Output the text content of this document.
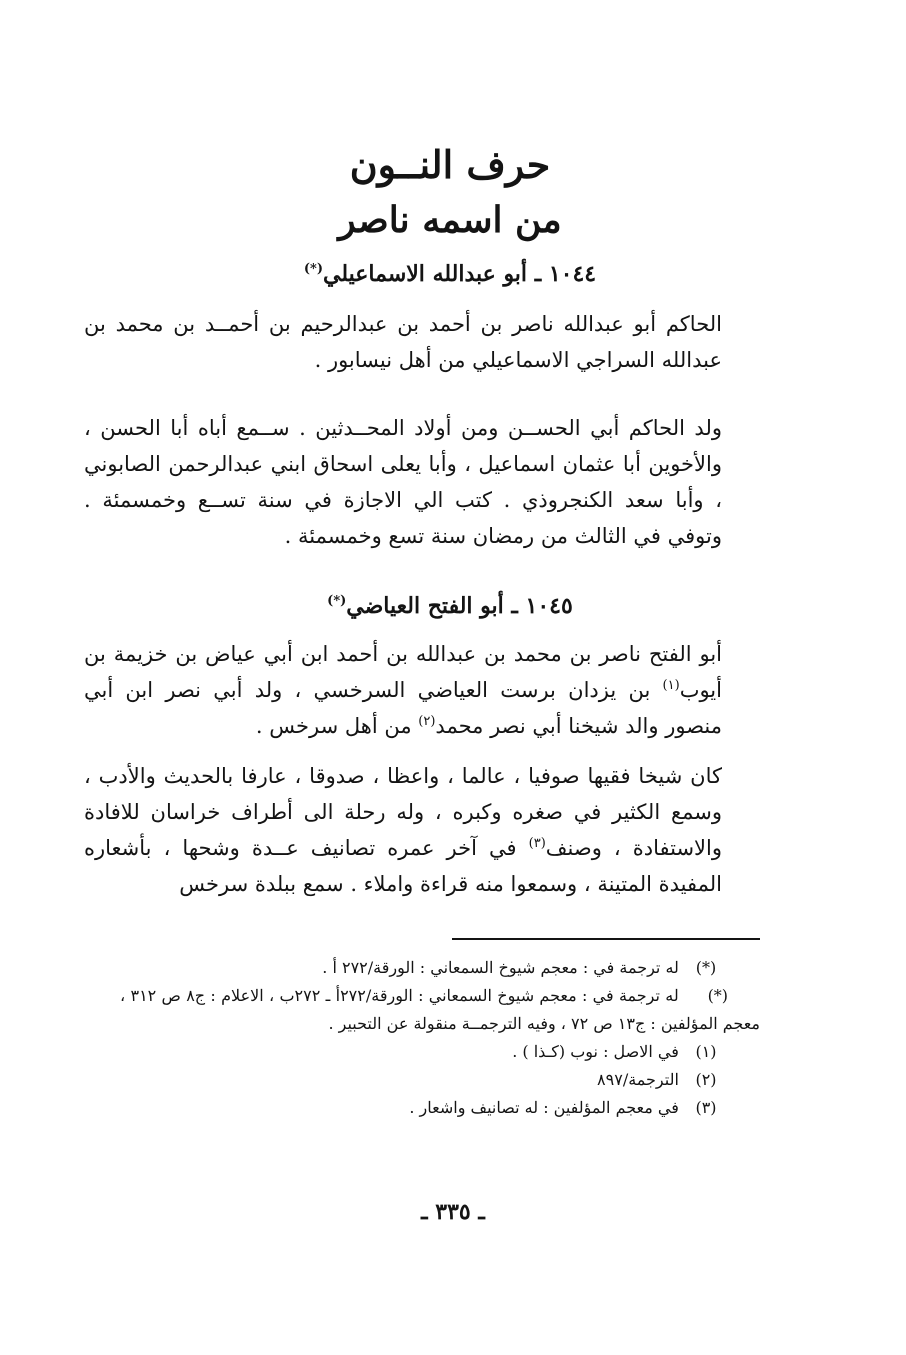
حرف النــون
من اسمه ناصر
١٠٤٤ ـ أبو عبدالله الاسماعيلي(*)
الحاكم أبو عبدالله ناصر بن أحمد بن عبدالرحيم بن أحمــد بن محمد بن عبدالله السراجي الاسماعيلي من أهل نيسابور .
ولد الحاكم أبي الحســن ومن أولاد المحــدثين . ســمع أباه أبا الحسن ، والأخوين أبا عثمان اسماعيل ، وأبا يعلى اسحاق ابني عبدالرحمن الصابوني ، وأبا سعد الكنجروذي . كتب الي الاجازة في سنة تســع وخمسمئة . وتوفي في الثالث من رمضان سنة تسع وخمسمئة .
١٠٤٥ ـ أبو الفتح العياضي(*)
أبو الفتح ناصر بن محمد بن عبدالله بن أحمد ابن أبي عياض بن خزيمة بن أيوب$^{(١)}$ بن يزدان برست العياضي السرخسي ، ولد أبي نصر ابن أبي منصور والد شيخنا أبي نصر محمد$^{(٢)}$ من أهل سرخس .
كان شيخا فقيها صوفيا ، عالما ، واعظا ، صدوقا ، عارفا بالحديث والأدب ، وسمع الكثير في صغره وكبره ، وله رحلة الى أطراف خراسان للافادة والاستفادة ، وصنف$^{(٣)}$ في آخر عمره تصانيف عــدة وشحها ، بأشعاره المفيدة المتينة ، وسمعوا منه قراءة واملاء . سمع ببلدة سرخس
(*) له ترجمة في : معجم شيوخ السمعاني : الورقة/٢٧٢ أ .
(*) له ترجمة في : معجم شيوخ السمعاني : الورقة/٢٧٢أ ـ ٢٧٢ب ، الاعلام : ج٨ ص ٣١٢ ، معجم المؤلفين : ج١٣ ص ٧٢ ، وفيه الترجمــة منقولة عن التحبير .
(١) في الاصل : نوب (كـذا ) .
(٢) الترجمة/٨٩٧
(٣) في معجم المؤلفين : له تصانيف واشعار .
ـ ٣٣٥ ـ
